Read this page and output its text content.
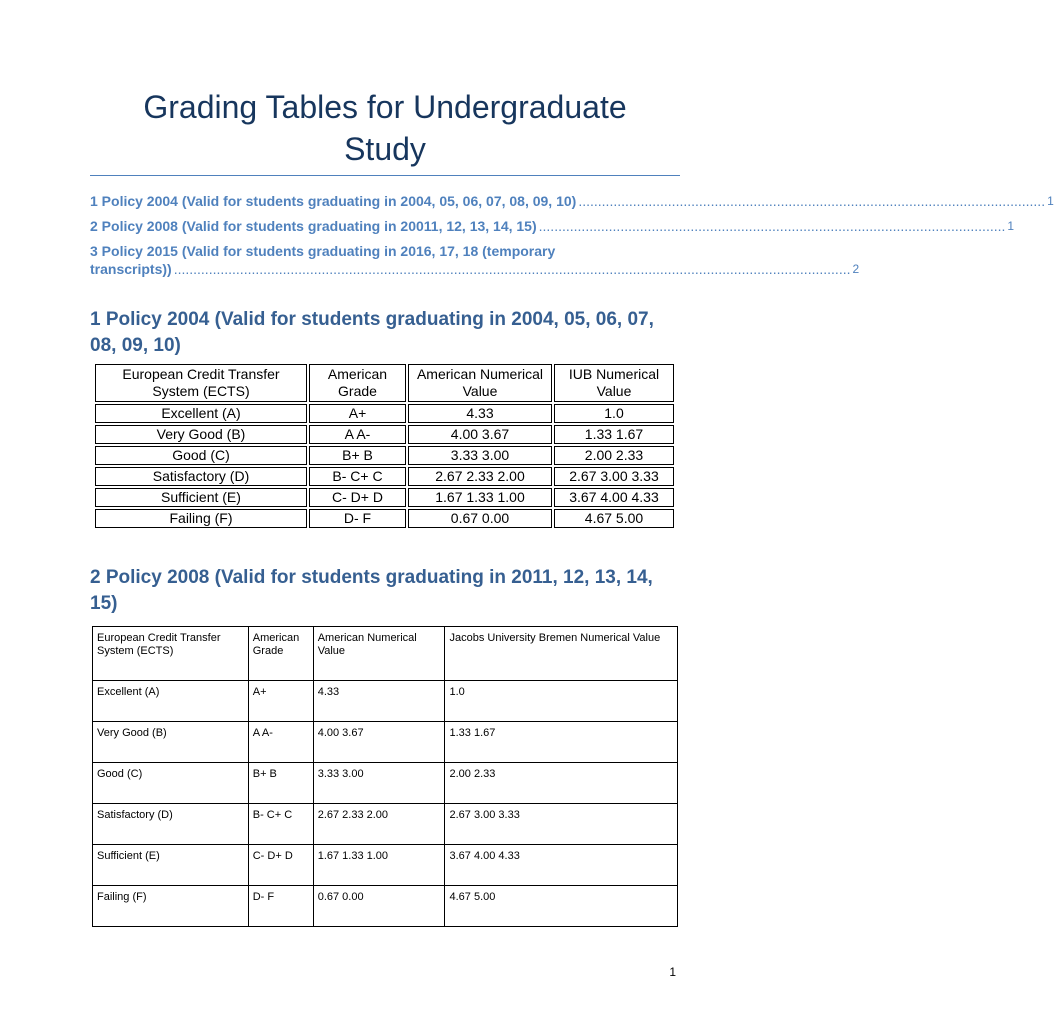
Grading Tables for Undergraduate
Study
1 Policy 2004 (Valid for students graduating in 2004, 05, 06, 07, 08, 09, 10) ........................................................................................................................ 1
2 Policy 2008 (Valid for students graduating in 20011, 12, 13, 14, 15) ........................................................................................................................ 1
3 Policy 2015 (Valid for students graduating in 2016, 17, 18 (temporary
transcripts)) .............................................................................................................................................................................. 2
1 Policy 2004 (Valid for students graduating in 2004, 05, 06, 07, 08, 09, 10)
European Credit Transfer System (ECTS)	American Grade	American Numerical Value	IUB Numerical Value
Excellent (A)	A+	4.33	1.0
Very Good (B)	A A-	4.00 3.67	1.33 1.67
Good (C)	B+ B	3.33 3.00	2.00 2.33
Satisfactory (D)	B- C+ C	2.67 2.33 2.00	2.67 3.00 3.33
Sufficient (E)	C- D+ D	1.67 1.33 1.00	3.67 4.00 4.33
Failing (F)	D- F	0.67 0.00	4.67 5.00
2 Policy 2008 (Valid for students graduating in 2011, 12, 13, 14, 15)
European Credit Transfer System (ECTS)	American Grade	American Numerical Value	Jacobs University Bremen Numerical Value
Excellent (A)	A+	4.33	1.0
Very Good (B)	A A-	4.00 3.67	1.33 1.67
Good (C)	B+ B	3.33 3.00	2.00 2.33
Satisfactory (D)	B- C+ C	2.67 2.33 2.00	2.67 3.00 3.33
Sufficient (E)	C- D+ D	1.67 1.33 1.00	3.67 4.00 4.33
Failing (F)	D- F	0.67 0.00	4.67 5.00
1
